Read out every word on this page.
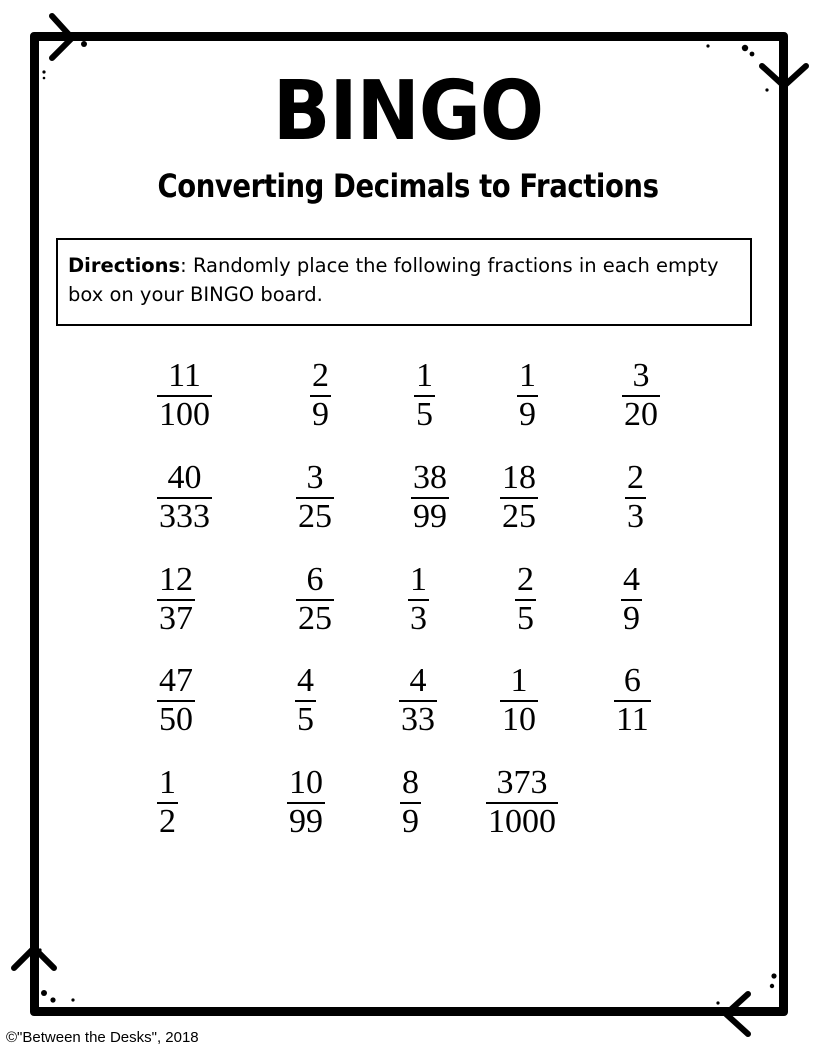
BINGO
Converting Decimals to Fractions
Directions: Randomly place the following fractions in each empty box on your BINGO board.
11
100
2
9
1
5
1
9
3
20
40
333
3
25
38
99
18
25
2
3
12
37
6
25
1
3
2
5
4
9
47
50
4
5
4
33
1
10
6
11
1
2
10
99
8
9
373
1000
©"Between the Desks", 2018
